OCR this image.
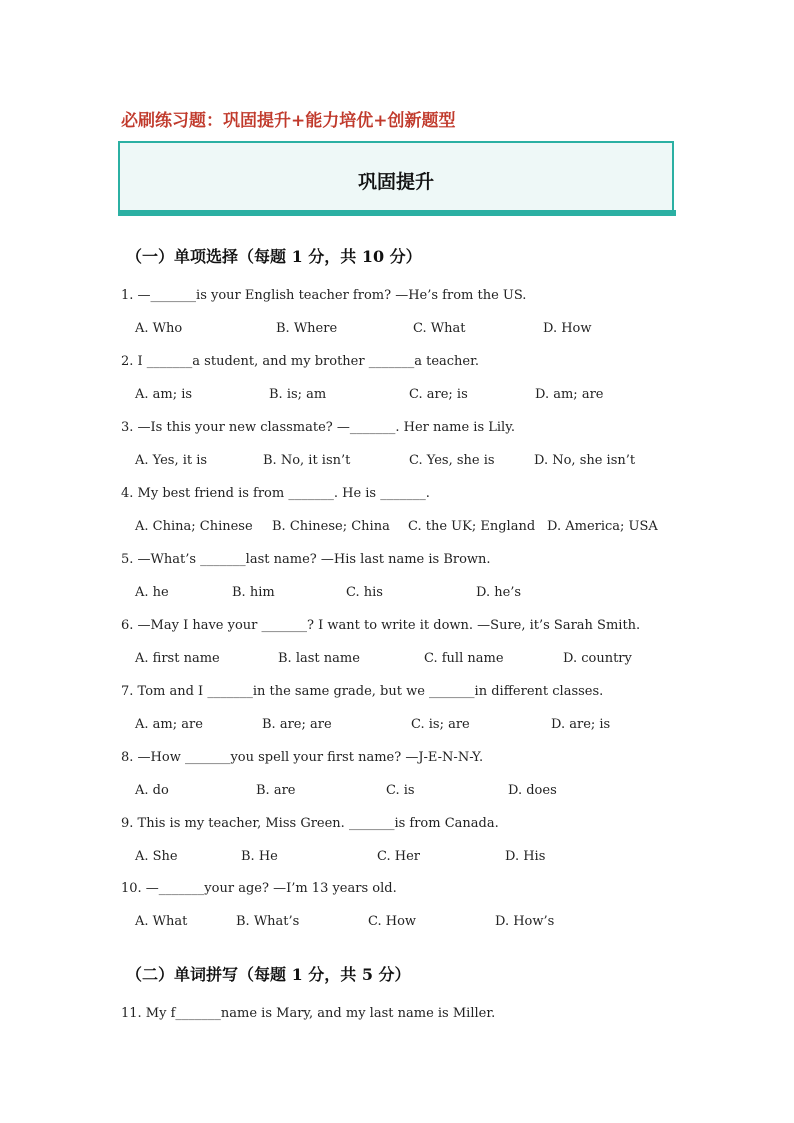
必刷练习题：巩固提升+能力培优+创新题型
巩固提升
（一）单项选择（每题 1 分，共 10 分）
1. —_______is your English teacher from? —He’s from the US.
A. Who	B. Where	C. What	D. How
2. I _______a student, and my brother _______a teacher.
A. am; is	B. is; am	C. are; is	D. am; are
3. —Is this your new classmate? —_______. Her name is Lily.
A. Yes, it is	B. No, it isn’t	C. Yes, she is	D. No, she isn’t
4. My best friend is from _______. He is _______.
A. China; Chinese B. Chinese; China C. the UK; England D. America; USA
5. —What’s _______last name? —His last name is Brown.
A. he	B. him	C. his	D. he’s
6. —May I have your _______? I want to write it down. —Sure, it’s Sarah Smith.
A. first name	B. last name	C. full name	D. country
7. Tom and I _______in the same grade, but we _______in different classes.
A. am; are	B. are; are	C. is; are	D. are; is
8. —How _______you spell your first name? —J-E-N-N-Y.
A. do	B. are	C. is	D. does
9. This is my teacher, Miss Green. _______is from Canada.
A. She	B. He	C. Her	D. His
10. —_______your age? —I’m 13 years old.
A. What	B. What’s	C. How	D. How’s
（二）单词拼写（每题 1 分，共 5 分）
11. My f_______name is Mary, and my last name is Miller.
